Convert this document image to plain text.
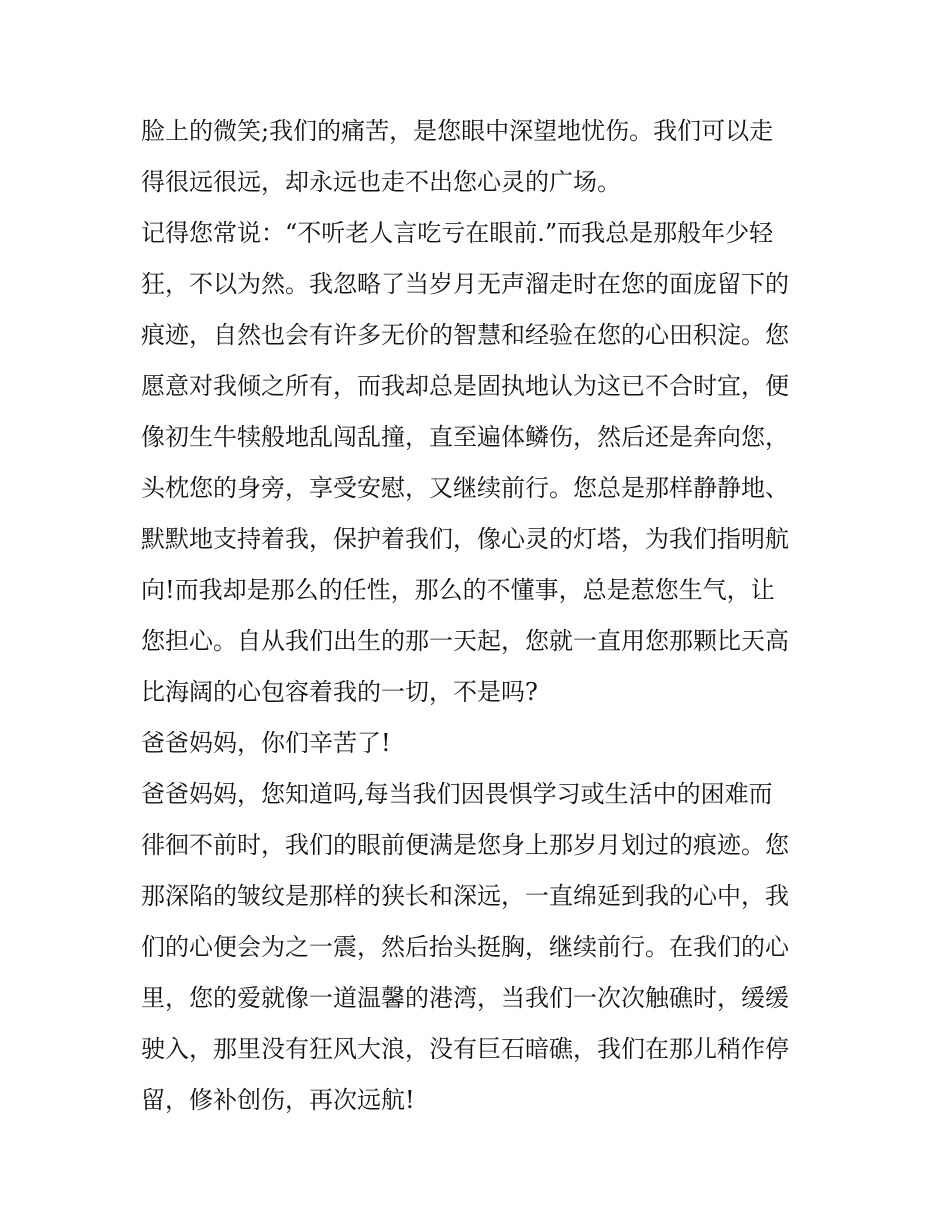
脸上的微笑;我们的痛苦，是您眼中深望地忧伤。我们可以走
得很远很远，却永远也走不出您心灵的广场。
记得您常说：“不听老人言吃亏在眼前.”而我总是那般年少轻
狂，不以为然。我忽略了当岁月无声溜走时在您的面庞留下的
痕迹，自然也会有许多无价的智慧和经验在您的心田积淀。您
愿意对我倾之所有，而我却总是固执地认为这已不合时宜，便
像初生牛犊般地乱闯乱撞，直至遍体鳞伤，然后还是奔向您，
头枕您的身旁，享受安慰，又继续前行。您总是那样静静地、
默默地支持着我，保护着我们，像心灵的灯塔，为我们指明航
向!而我却是那么的任性，那么的不懂事，总是惹您生气，让
您担心。自从我们出生的那一天起，您就一直用您那颗比天高
比海阔的心包容着我的一切，不是吗?
爸爸妈妈，你们辛苦了!
爸爸妈妈，您知道吗,每当我们因畏惧学习或生活中的困难而
徘徊不前时，我们的眼前便满是您身上那岁月划过的痕迹。您
那深陷的皱纹是那样的狭长和深远，一直绵延到我的心中，我
们的心便会为之一震，然后抬头挺胸，继续前行。在我们的心
里，您的爱就像一道温馨的港湾，当我们一次次触礁时，缓缓
驶入，那里没有狂风大浪，没有巨石暗礁，我们在那儿稍作停
留，修补创伤，再次远航!
